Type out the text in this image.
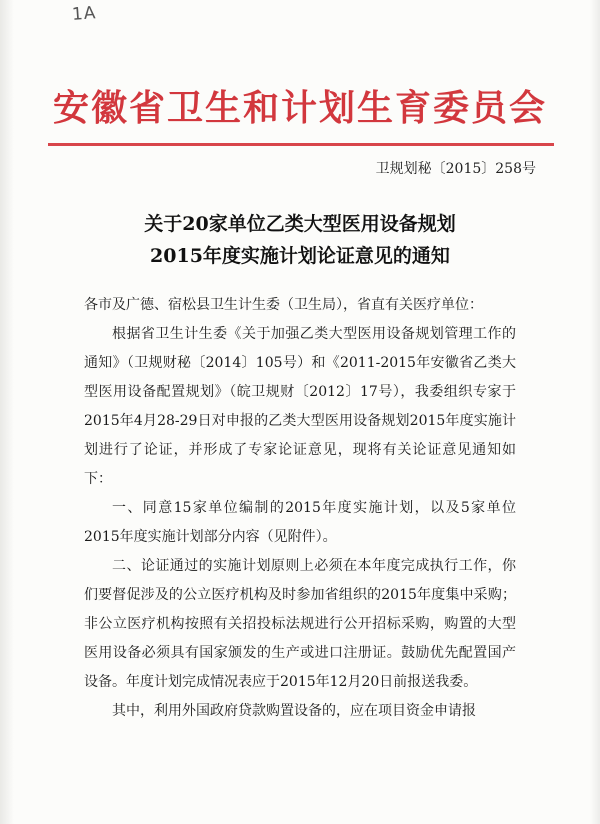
1A
安徽省卫生和计划生育委员会
卫规划秘〔2015〕258号
关于20家单位乙类大型医用设备规划
2015年度实施计划论证意见的通知
各市及广德、宿松县卫生计生委（卫生局），省直有关医疗单位：

根据省卫生计生委《关于加强乙类大型医用设备规划管理工作的通知》（卫规财秘〔2014〕105号）和《2011-2015年安徽省乙类大型医用设备配置规划》（皖卫规财〔2012〕17号），我委组织专家于2015年4月28-29日对申报的乙类大型医用设备规划2015年度实施计划进行了论证，并形成了专家论证意见，现将有关论证意见通知如下：

一、同意15家单位编制的2015年度实施计划，以及5家单位2015年度实施计划部分内容（见附件）。

二、论证通过的实施计划原则上必须在本年度完成执行工作，你们要督促涉及的公立医疗机构及时参加省组织的2015年度集中采购；非公立医疗机构按照有关招投标法规进行公开招标采购，购置的大型医用设备必须具有国家颁发的生产或进口注册证。鼓励优先配置国产设备。年度计划完成情况表应于2015年12月20日前报送我委。

其中，利用外国政府贷款购置设备的，应在项目资金申请报
